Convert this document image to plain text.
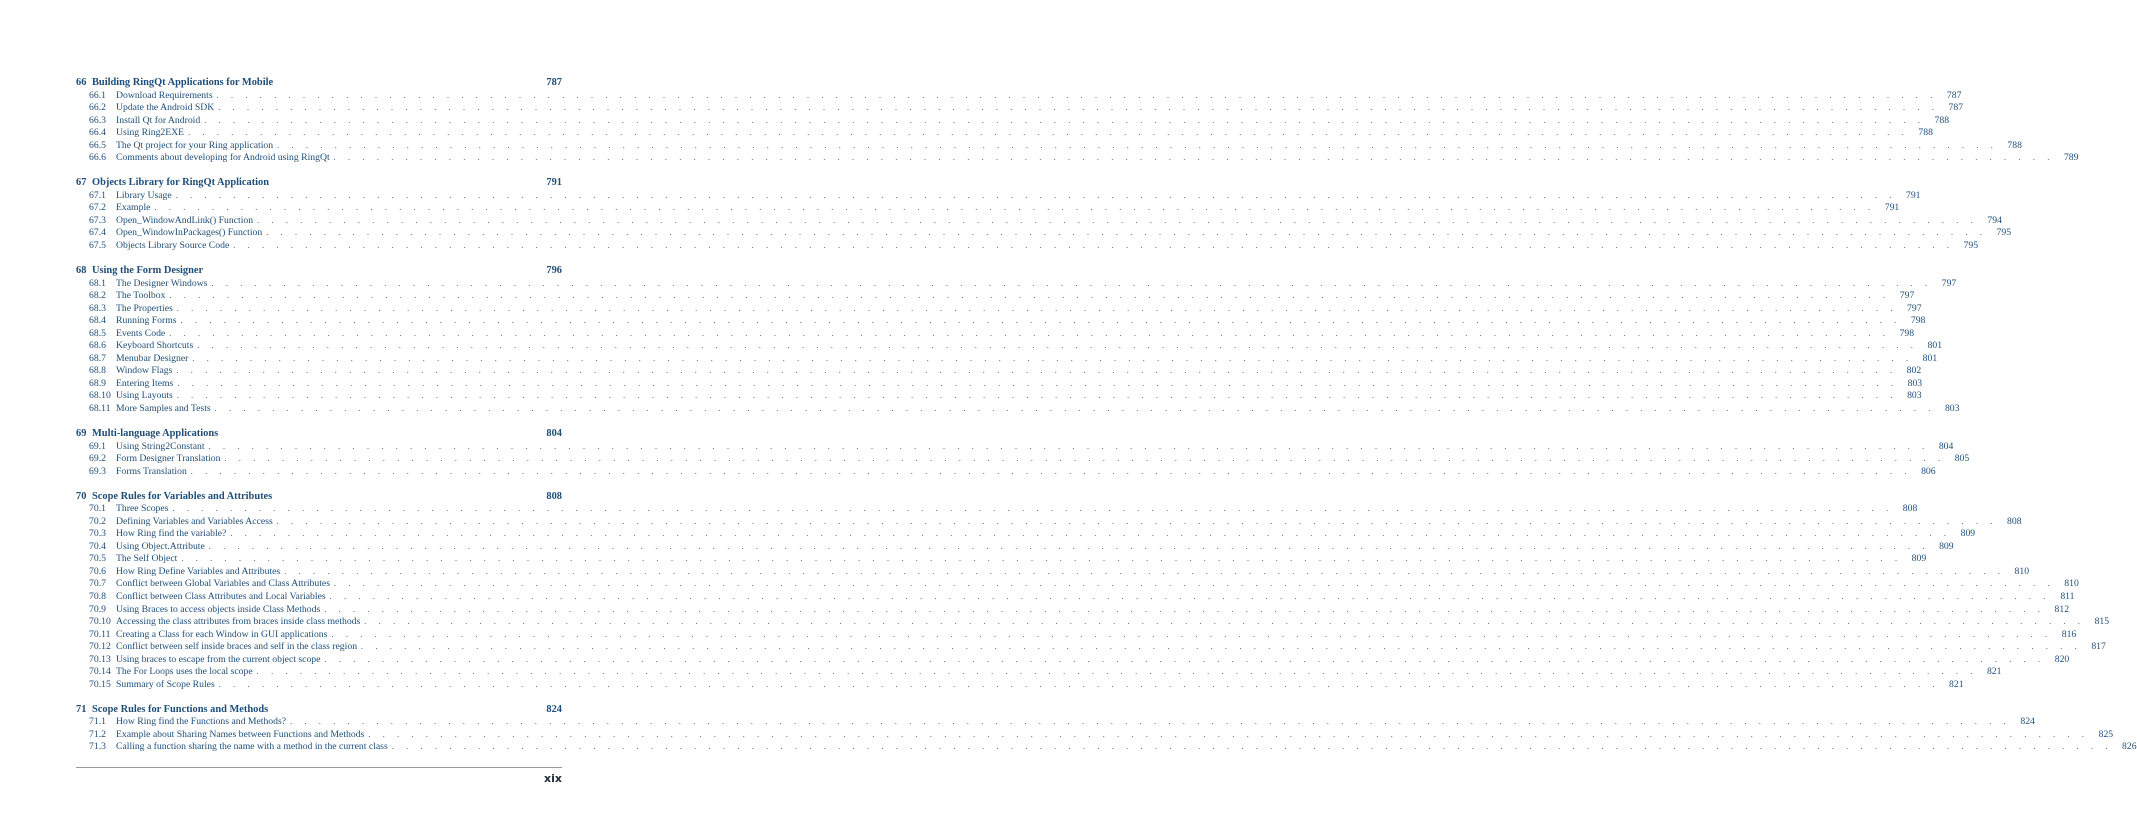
66 Building RingQt Applications for Mobile	787
66.1	Download Requirements . . . . . . . . . . . . . . . . . . . . . . . . . . . . . . . . . . . . . . . . . . . . . . . . . . . . . . . . . . . . . . . . . . . . . . . . . . . . . . . . . . . . . . . . . . . . . . . . . . . . . . . . . . . . . . . . . . . . . . . . 787
66.2	Update the Android SDK . . . . . . . . . . . . . . . . . . . . . . . . . . . . . . . . . . . . . . . . . . . . . . . . . . . . . . . . . . . . . . . . . . . . . . . . . . . . . . . . . . . . . . . . . . . . . . . . . . . . . . . . . . . . . . . . . . . . . . . . 787
66.3	Install Qt for Android . . . . . . . . . . . . . . . . . . . . . . . . . . . . . . . . . . . . . . . . . . . . . . . . . . . . . . . . . . . . . . . . . . . . . . . . . . . . . . . . . . . . . . . . . . . . . . . . . . . . . . . . . . . . . . . . . . . . . . . . 788
66.4	Using Ring2EXE . . . . . . . . . . . . . . . . . . . . . . . . . . . . . . . . . . . . . . . . . . . . . . . . . . . . . . . . . . . . . . . . . . . . . . . . . . . . . . . . . . . . . . . . . . . . . . . . . . . . . . . . . . . . . . . . . . . . . . . . 788
66.5	The Qt project for your Ring application . . . . . . . . . . . . . . . . . . . . . . . . . . . . . . . . . . . . . . . . . . . . . . . . . . . . . . . . . . . . . . . . . . . . . . . . . . . . . . . . . . . . . . . . . . . . . . . . . . . . . . . . . . . . . . . . . . . . . . . . 788
66.6	Comments about developing for Android using RingQt . . . . . . . . . . . . . . . . . . . . . . . . . . . . . . . . . . . . . . . . . . . . . . . . . . . . . . . . . . . . . . . . . . . . . . . . . . . . . . . . . . . . . . . . . . . . . . . . . . . . . . . . . . . . . . . . . . . . . . . . 789
67 Objects Library for RingQt Application	791
67.1	Library Usage . . . . . . . . . . . . . . . . . . . . . . . . . . . . . . . . . . . . . . . . . . . . . . . . . . . . . . . . . . . . . . . . . . . . . . . . . . . . . . . . . . . . . . . . . . . . . . . . . . . . . . . . . . . . . . . . . . . . . . . . 791
67.2	Example . . . . . . . . . . . . . . . . . . . . . . . . . . . . . . . . . . . . . . . . . . . . . . . . . . . . . . . . . . . . . . . . . . . . . . . . . . . . . . . . . . . . . . . . . . . . . . . . . . . . . . . . . . . . . . . . . . . . . . . . 791
67.3	Open_WindowAndLink() Function . . . . . . . . . . . . . . . . . . . . . . . . . . . . . . . . . . . . . . . . . . . . . . . . . . . . . . . . . . . . . . . . . . . . . . . . . . . . . . . . . . . . . . . . . . . . . . . . . . . . . . . . . . . . . . . . . . . . . . . . 794
67.4	Open_WindowInPackages() Function . . . . . . . . . . . . . . . . . . . . . . . . . . . . . . . . . . . . . . . . . . . . . . . . . . . . . . . . . . . . . . . . . . . . . . . . . . . . . . . . . . . . . . . . . . . . . . . . . . . . . . . . . . . . . . . . . . . . . . . . 795
67.5	Objects Library Source Code . . . . . . . . . . . . . . . . . . . . . . . . . . . . . . . . . . . . . . . . . . . . . . . . . . . . . . . . . . . . . . . . . . . . . . . . . . . . . . . . . . . . . . . . . . . . . . . . . . . . . . . . . . . . . . . . . . . . . . . . 795
68 Using the Form Designer	796
68.1	The Designer Windows . . . . . . . . . . . . . . . . . . . . . . . . . . . . . . . . . . . . . . . . . . . . . . . . . . . . . . . . . . . . . . . . . . . . . . . . . . . . . . . . . . . . . . . . . . . . . . . . . . . . . . . . . . . . . . . . . . . . . . . . 797
68.2	The Toolbox . . . . . . . . . . . . . . . . . . . . . . . . . . . . . . . . . . . . . . . . . . . . . . . . . . . . . . . . . . . . . . . . . . . . . . . . . . . . . . . . . . . . . . . . . . . . . . . . . . . . . . . . . . . . . . . . . . . . . . . . 797
68.3	The Properties . . . . . . . . . . . . . . . . . . . . . . . . . . . . . . . . . . . . . . . . . . . . . . . . . . . . . . . . . . . . . . . . . . . . . . . . . . . . . . . . . . . . . . . . . . . . . . . . . . . . . . . . . . . . . . . . . . . . . . . . 797
68.4	Running Forms . . . . . . . . . . . . . . . . . . . . . . . . . . . . . . . . . . . . . . . . . . . . . . . . . . . . . . . . . . . . . . . . . . . . . . . . . . . . . . . . . . . . . . . . . . . . . . . . . . . . . . . . . . . . . . . . . . . . . . . . 798
68.5	Events Code . . . . . . . . . . . . . . . . . . . . . . . . . . . . . . . . . . . . . . . . . . . . . . . . . . . . . . . . . . . . . . . . . . . . . . . . . . . . . . . . . . . . . . . . . . . . . . . . . . . . . . . . . . . . . . . . . . . . . . . . 798
68.6	Keyboard Shortcuts . . . . . . . . . . . . . . . . . . . . . . . . . . . . . . . . . . . . . . . . . . . . . . . . . . . . . . . . . . . . . . . . . . . . . . . . . . . . . . . . . . . . . . . . . . . . . . . . . . . . . . . . . . . . . . . . . . . . . . . . 801
68.7	Menubar Designer . . . . . . . . . . . . . . . . . . . . . . . . . . . . . . . . . . . . . . . . . . . . . . . . . . . . . . . . . . . . . . . . . . . . . . . . . . . . . . . . . . . . . . . . . . . . . . . . . . . . . . . . . . . . . . . . . . . . . . . . 801
68.8	Window Flags . . . . . . . . . . . . . . . . . . . . . . . . . . . . . . . . . . . . . . . . . . . . . . . . . . . . . . . . . . . . . . . . . . . . . . . . . . . . . . . . . . . . . . . . . . . . . . . . . . . . . . . . . . . . . . . . . . . . . . . . 802
68.9	Entering Items . . . . . . . . . . . . . . . . . . . . . . . . . . . . . . . . . . . . . . . . . . . . . . . . . . . . . . . . . . . . . . . . . . . . . . . . . . . . . . . . . . . . . . . . . . . . . . . . . . . . . . . . . . . . . . . . . . . . . . . . 803
68.10 Using Layouts . . . . . . . . . . . . . . . . . . . . . . . . . . . . . . . . . . . . . . . . . . . . . . . . . . . . . . . . . . . . . . . . . . . . . . . . . . . . . . . . . . . . . . . . . . . . . . . . . . . . . . . . . . . . . . . . . . . . . . . . 803
68.11 More Samples and Tests . . . . . . . . . . . . . . . . . . . . . . . . . . . . . . . . . . . . . . . . . . . . . . . . . . . . . . . . . . . . . . . . . . . . . . . . . . . . . . . . . . . . . . . . . . . . . . . . . . . . . . . . . . . . . . . . . . . . . . . . 803
69 Multi-language Applications	804
69.1	Using String2Constant . . . . . . . . . . . . . . . . . . . . . . . . . . . . . . . . . . . . . . . . . . . . . . . . . . . . . . . . . . . . . . . . . . . . . . . . . . . . . . . . . . . . . . . . . . . . . . . . . . . . . . . . . . . . . . . . . . . . . . . . 804
69.2	Form Designer Translation . . . . . . . . . . . . . . . . . . . . . . . . . . . . . . . . . . . . . . . . . . . . . . . . . . . . . . . . . . . . . . . . . . . . . . . . . . . . . . . . . . . . . . . . . . . . . . . . . . . . . . . . . . . . . . . . . . . . . . . . 805
69.3	Forms Translation . . . . . . . . . . . . . . . . . . . . . . . . . . . . . . . . . . . . . . . . . . . . . . . . . . . . . . . . . . . . . . . . . . . . . . . . . . . . . . . . . . . . . . . . . . . . . . . . . . . . . . . . . . . . . . . . . . . . . . . . 806
70 Scope Rules for Variables and Attributes	808
70.1	Three Scopes . . . . . . . . . . . . . . . . . . . . . . . . . . . . . . . . . . . . . . . . . . . . . . . . . . . . . . . . . . . . . . . . . . . . . . . . . . . . . . . . . . . . . . . . . . . . . . . . . . . . . . . . . . . . . . . . . . . . . . . . 808
70.2	Defining Variables and Variables Access . . . . . . . . . . . . . . . . . . . . . . . . . . . . . . . . . . . . . . . . . . . . . . . . . . . . . . . . . . . . . . . . . . . . . . . . . . . . . . . . . . . . . . . . . . . . . . . . . . . . . . . . . . . . . . . . . . . . . . . . 808
70.3	How Ring find the variable? . . . . . . . . . . . . . . . . . . . . . . . . . . . . . . . . . . . . . . . . . . . . . . . . . . . . . . . . . . . . . . . . . . . . . . . . . . . . . . . . . . . . . . . . . . . . . . . . . . . . . . . . . . . . . . . . . . . . . . . . 809
70.4	Using Object.Attribute . . . . . . . . . . . . . . . . . . . . . . . . . . . . . . . . . . . . . . . . . . . . . . . . . . . . . . . . . . . . . . . . . . . . . . . . . . . . . . . . . . . . . . . . . . . . . . . . . . . . . . . . . . . . . . . . . . . . . . . . 809
70.5	The Self Object . . . . . . . . . . . . . . . . . . . . . . . . . . . . . . . . . . . . . . . . . . . . . . . . . . . . . . . . . . . . . . . . . . . . . . . . . . . . . . . . . . . . . . . . . . . . . . . . . . . . . . . . . . . . . . . . . . . . . . . . 809
70.6	How Ring Define Variables and Attributes . . . . . . . . . . . . . . . . . . . . . . . . . . . . . . . . . . . . . . . . . . . . . . . . . . . . . . . . . . . . . . . . . . . . . . . . . . . . . . . . . . . . . . . . . . . . . . . . . . . . . . . . . . . . . . . . . . . . . . . . 810
70.7	Conflict between Global Variables and Class Attributes . . . . . . . . . . . . . . . . . . . . . . . . . . . . . . . . . . . . . . . . . . . . . . . . . . . . . . . . . . . . . . . . . . . . . . . . . . . . . . . . . . . . . . . . . . . . . . . . . . . . . . . . . . . . . . . . . . . . . . . . 810
70.8	Conflict between Class Attributes and Local Variables . . . . . . . . . . . . . . . . . . . . . . . . . . . . . . . . . . . . . . . . . . . . . . . . . . . . . . . . . . . . . . . . . . . . . . . . . . . . . . . . . . . . . . . . . . . . . . . . . . . . . . . . . . . . . . . . . . . . . . . .	811
70.9	Using Braces to access objects inside Class Methods . . . . . . . . . . . . . . . . . . . . . . . . . . . . . . . . . . . . . . . . . . . . . . . . . . . . . . . . . . . . . . . . . . . . . . . . . . . . . . . . . . . . . . . . . . . . . . . . . . . . . . . . . . . . . . . . . . . . . . . . 812
70.10 Accessing the class attributes from braces inside class methods . . . . . . . . . . . . . . . . . . . . . . . . . . . . . . . . . . . . . . . . . . . . . . . . . . . . . . . . . . . . . . . . . . . . . . . . . . . . . . . . . . . . . . . . . . . . . . . . . . . . . . . . . . . . . . . . . . . . . . . . 815
70.11 Creating a Class for each Window in GUI applications . . . . . . . . . . . . . . . . . . . . . . . . . . . . . . . . . . . . . . . . . . . . . . . . . . . . . . . . . . . . . . . . . . . . . . . . . . . . . . . . . . . . . . . . . . . . . . . . . . . . . . . . . . . . . . . . . . . . . . . . 816
70.12 Conflict between self inside braces and self in the class region . . . . . . . . . . . . . . . . . . . . . . . . . . . . . . . . . . . . . . . . . . . . . . . . . . . . . . . . . . . . . . . . . . . . . . . . . . . . . . . . . . . . . . . . . . . . . . . . . . . . . . . . . . . . . . . . . . . . . . . . 817
70.13 Using braces to escape from the current object scope . . . . . . . . . . . . . . . . . . . . . . . . . . . . . . . . . . . . . . . . . . . . . . . . . . . . . . . . . . . . . . . . . . . . . . . . . . . . . . . . . . . . . . . . . . . . . . . . . . . . . . . . . . . . . . . . . . . . . . . . 820
70.14 The For Loops uses the local scope . . . . . . . . . . . . . . . . . . . . . . . . . . . . . . . . . . . . . . . . . . . . . . . . . . . . . . . . . . . . . . . . . . . . . . . . . . . . . . . . . . . . . . . . . . . . . . . . . . . . . . . . . . . . . . . . . . . . . . . . 821
70.15 Summary of Scope Rules . . . . . . . . . . . . . . . . . . . . . . . . . . . . . . . . . . . . . . . . . . . . . . . . . . . . . . . . . . . . . . . . . . . . . . . . . . . . . . . . . . . . . . . . . . . . . . . . . . . . . . . . . . . . . . . . . . . . . . . . 821
71 Scope Rules for Functions and Methods	824
71.1	How Ring find the Functions and Methods? . . . . . . . . . . . . . . . . . . . . . . . . . . . . . . . . . . . . . . . . . . . . . . . . . . . . . . . . . . . . . . . . . . . . . . . . . . . . . . . . . . . . . . . . . . . . . . . . . . . . . . . . . . . . . . . . . . . . . . . . 824
71.2	Example about Sharing Names between Functions and Methods . . . . . . . . . . . . . . . . . . . . . . . . . . . . . . . . . . . . . . . . . . . . . . . . . . . . . . . . . . . . . . . . . . . . . . . . . . . . . . . . . . . . . . . . . . . . . . . . . . . . . . . . . . . . . . . . . . . . . . . . 825
71.3	Calling a function sharing the name with a method in the current class . . . . . . . . . . . . . . . . . . . . . . . . . . . . . . . . . . . . . . . . . . . . . . . . . . . . . . . . . . . . . . . . . . . . . . . . . . . . . . . . . . . . . . . . . . . . . . . . . . . . . . . . . . . . . . . . . . . . . . . . 826
xix
